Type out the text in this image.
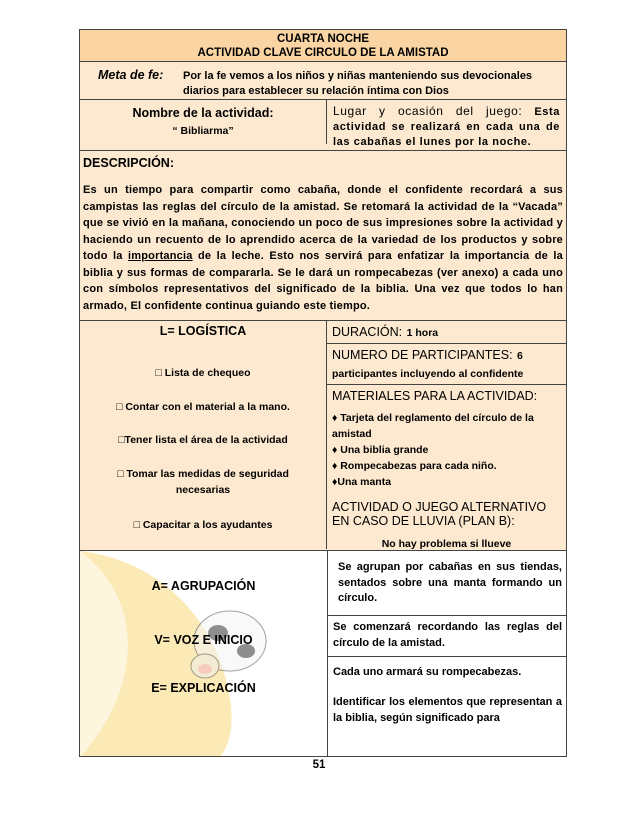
CUARTA NOCHE
ACTIVIDAD CLAVE CIRCULO DE LA AMISTAD
Meta de fe: Por la fe vemos a los niños y niñas manteniendo sus devocionales
diarios para establecer su relación íntima con Dios
Nombre de la actividad:
“ Bibliarma”
Lugar y ocasión del juego: Esta actividad se realizará en cada una de las cabañas el lunes por la noche.
DESCRIPCIÓN:
Es un tiempo para compartir como cabaña, donde el confidente recordará a sus campistas las reglas del círculo de la amistad. Se retomará la actividad de la “Vacada” que se vivió en la mañana, conociendo un poco de sus impresiones sobre la actividad y haciendo un recuento de lo aprendido acerca de la variedad de los productos y sobre todo la importancia de la leche. Esto nos servirá para enfatizar la importancia de la biblia y sus formas de compararla. Se le dará un rompecabezas (ver anexo) a cada uno con símbolos representativos del significado de la biblia. Una vez que todos lo han armado, El confidente continua guiando este tiempo.
L= LOGÍSTICA
□ Lista de chequeo
□ Contar con el material a la mano.
□Tener lista el área de la actividad
□ Tomar las medidas de seguridad
necesarias
□ Capacitar a los ayudantes
DURACIÓN: 1 hora
NUMERO DE PARTICIPANTES: 6
participantes incluyendo al confidente
MATERIALES PARA LA ACTIVIDAD:
♦ Tarjeta del reglamento del círculo de la amistad
♦ Una biblia grande
♦ Rompecabezas para cada niño.
♦Una manta
ACTIVIDAD O JUEGO ALTERNATIVO
EN CASO DE LLUVIA (PLAN B):
No hay problema si llueve
A= AGRUPACIÓN
Se agrupan por cabañas en sus tiendas, sentados sobre una manta formando un círculo.
V= VOZ E INICIO
Se comenzará recordando las reglas del círculo de la amistad.
E= EXPLICACIÓN
Cada uno armará su rompecabezas.
Identificar los elementos que representan a la biblia, según significado para
51
